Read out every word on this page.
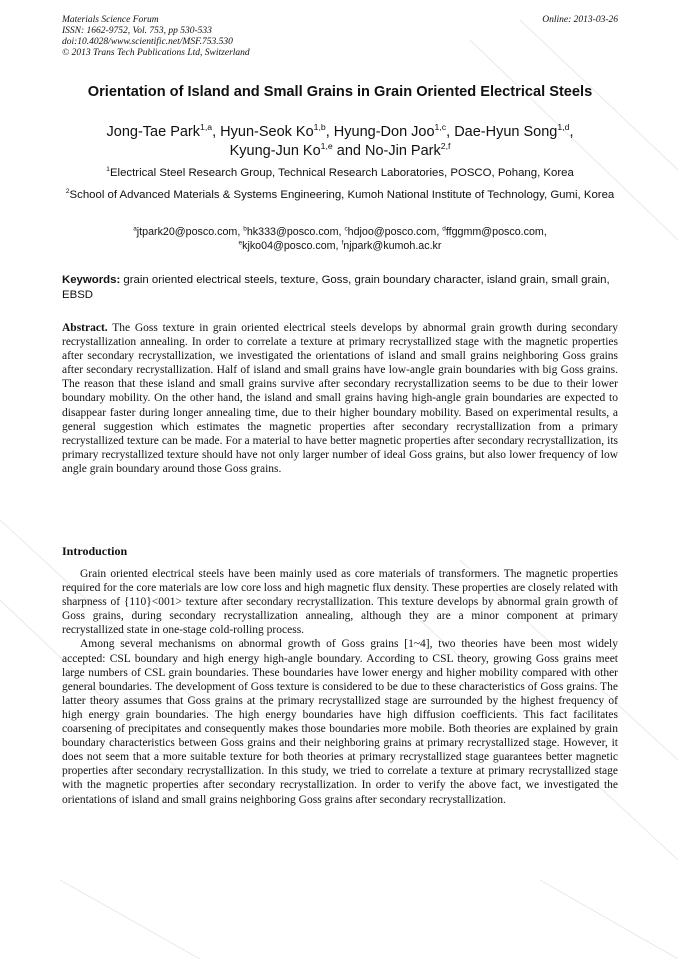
Materials Science Forum
ISSN: 1662-9752, Vol. 753, pp 530-533
doi:10.4028/www.scientific.net/MSF.753.530
© 2013 Trans Tech Publications Ltd, Switzerland
Online: 2013-03-26
Orientation of Island and Small Grains in Grain Oriented Electrical Steels
Jong-Tae Park$^{1,a}$, Hyun-Seok Ko$^{1,b}$, Hyung-Don Joo$^{1,c}$, Dae-Hyun Song$^{1,d}$,
Kyung-Jun Ko$^{1,e}$ and No-Jin Park$^{2,f}$
$^1$Electrical Steel Research Group, Technical Research Laboratories, POSCO, Pohang, Korea
$^2$School of Advanced Materials & Systems Engineering, Kumoh National Institute of Technology, Gumi, Korea
$^a$jtpark20@posco.com, $^b$hk333@posco.com, $^c$hdjoo@posco.com, $^d$ffggmm@posco.com,
$^e$kjko04@posco.com, $^f$njpark@kumoh.ac.kr
Keywords: grain oriented electrical steels, texture, Goss, grain boundary character, island grain, small grain, EBSD

Abstract. The Goss texture in grain oriented electrical steels develops by abnormal grain growth during secondary recrystallization annealing. In order to correlate a texture at primary recrystallized stage with the magnetic properties after secondary recrystallization, we investigated the orientations of island and small grains neighboring Goss grains after secondary recrystallization. Half of island and small grains have low-angle grain boundaries with big Goss grains. The reason that these island and small grains survive after secondary recrystallization seems to be due to their lower boundary mobility. On the other hand, the island and small grains having high-angle grain boundaries are expected to disappear faster during longer annealing time, due to their higher boundary mobility. Based on experimental results, a general suggestion which estimates the magnetic properties after secondary recrystallization from a primary recrystallized texture can be made. For a material to have better magnetic properties after secondary recrystallization, its primary recrystallized texture should have not only larger number of ideal Goss grains, but also lower frequency of low angle grain boundary around those Goss grains.

Introduction

Grain oriented electrical steels have been mainly used as core materials of transformers. The magnetic properties required for the core materials are low core loss and high magnetic flux density. These properties are closely related with sharpness of {110}<001> texture after secondary recrystallization. This texture develops by abnormal grain growth of Goss grains, during secondary recrystallization annealing, although they are a minor component at primary recrystallized state in one-stage cold-rolling process.

Among several mechanisms on abnormal growth of Goss grains [1~4], two theories have been most widely accepted: CSL boundary and high energy high-angle boundary. According to CSL theory, growing Goss grains meet large numbers of CSL grain boundaries. These boundaries have lower energy and higher mobility compared with other general boundaries. The development of Goss texture is considered to be due to these characteristics of Goss grains. The latter theory assumes that Goss grains at the primary recrystallized stage are surrounded by the highest frequency of high energy grain boundaries. The high energy boundaries have high diffusion coefficients. This fact facilitates coarsening of precipitates and consequently makes those boundaries more mobile. Both theories are explained by grain boundary characteristics between Goss grains and their neighboring grains at primary recrystallized stage. However, it does not seem that a more suitable texture for both theories at primary recrystallized stage guarantees better magnetic properties after secondary recrystallization. In this study, we tried to correlate a texture at primary recrystallized stage with the magnetic properties after secondary recrystallization. In order to verify the above fact, we investigated the orientations of island and small grains neighboring Goss grains after secondary recrystallization.
